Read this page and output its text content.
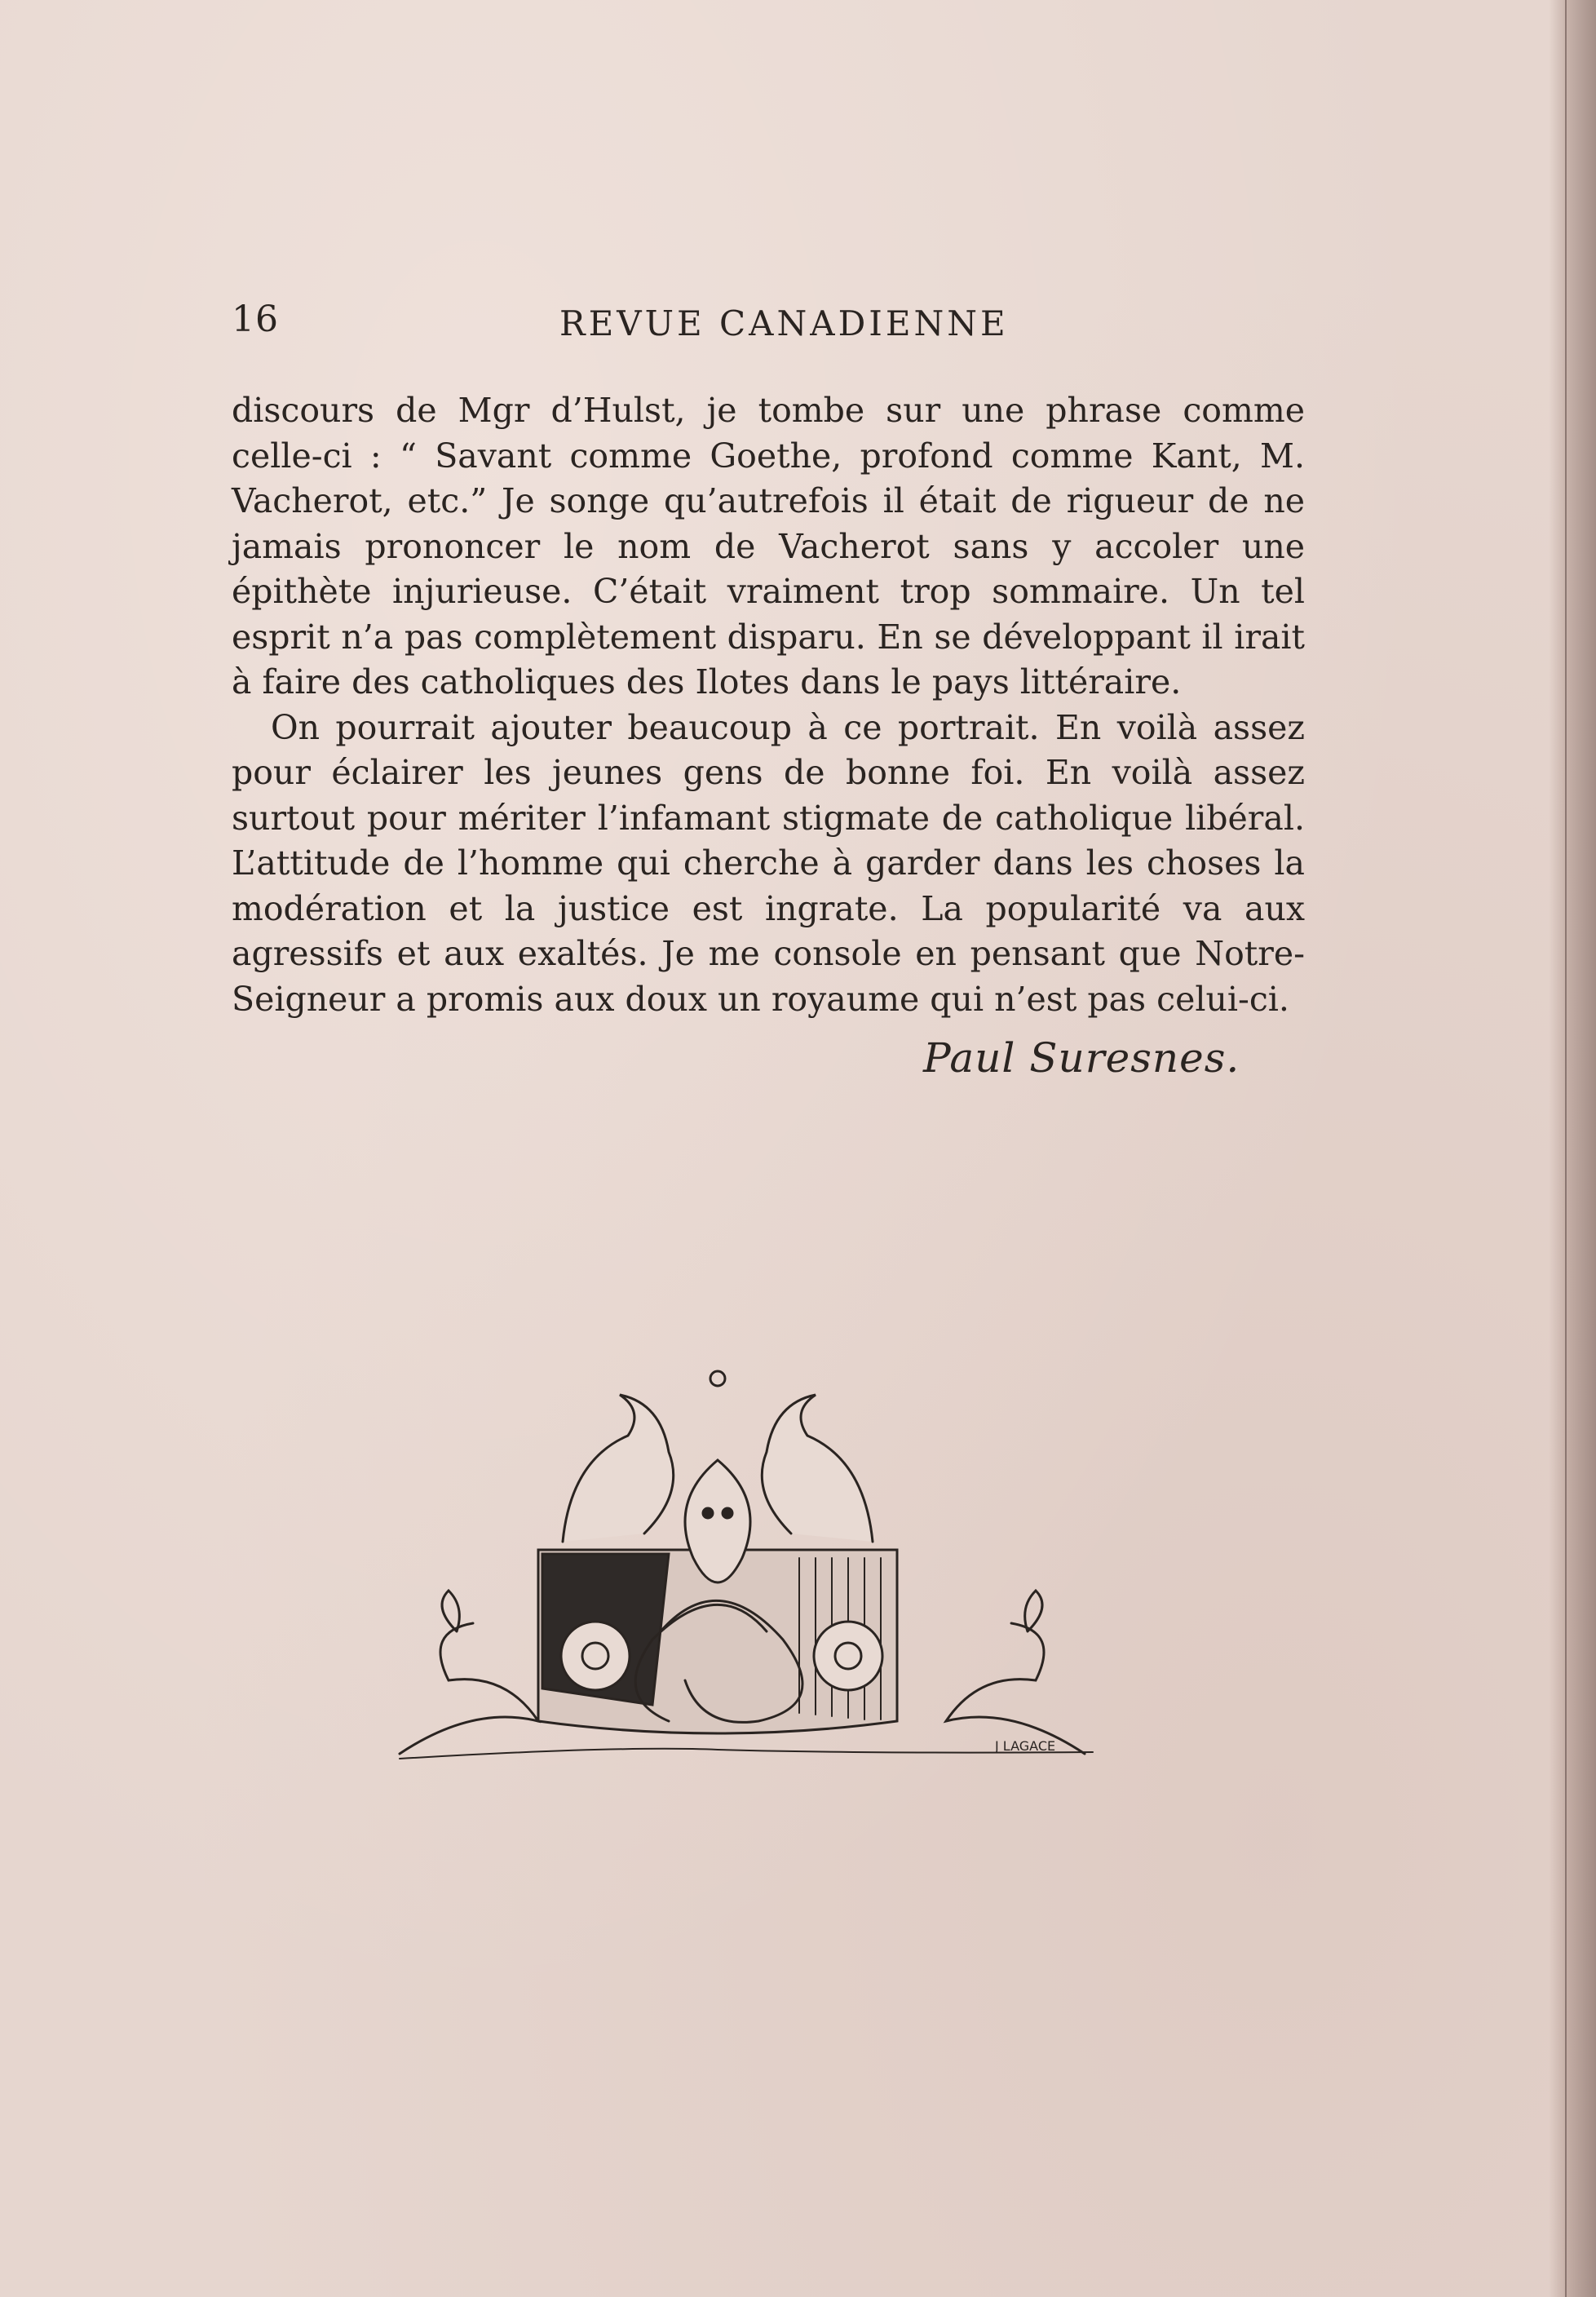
16	REVUE CANADIENNE

discours de Mgr d’Hulst, je tombe sur une phrase comme celle-ci : “ Savant comme Goethe, profond comme Kant, M. Vacherot, etc.” Je songe qu’autrefois il était de rigueur de ne jamais prononcer le nom de Vacherot sans y accoler une épithète injurieuse. C’était vraiment trop sommaire. Un tel esprit n’a pas complètement disparu. En se développant il irait à faire des catholiques des Ilotes dans le pays littéraire.

On pourrait ajouter beaucoup à ce portrait. En voilà assez pour éclairer les jeunes gens de bonne foi. En voilà assez surtout pour mériter l’infamant stigmate de catholique libéral. L’attitude de l’homme qui cherche à garder dans les choses la modération et la justice est ingrate. La popularité va aux agressifs et aux exaltés. Je me console en pensant que Notre-Seigneur a promis aux doux un royaume qui n’est pas celui-ci.

Paul Suresnes.
J LAGACE
